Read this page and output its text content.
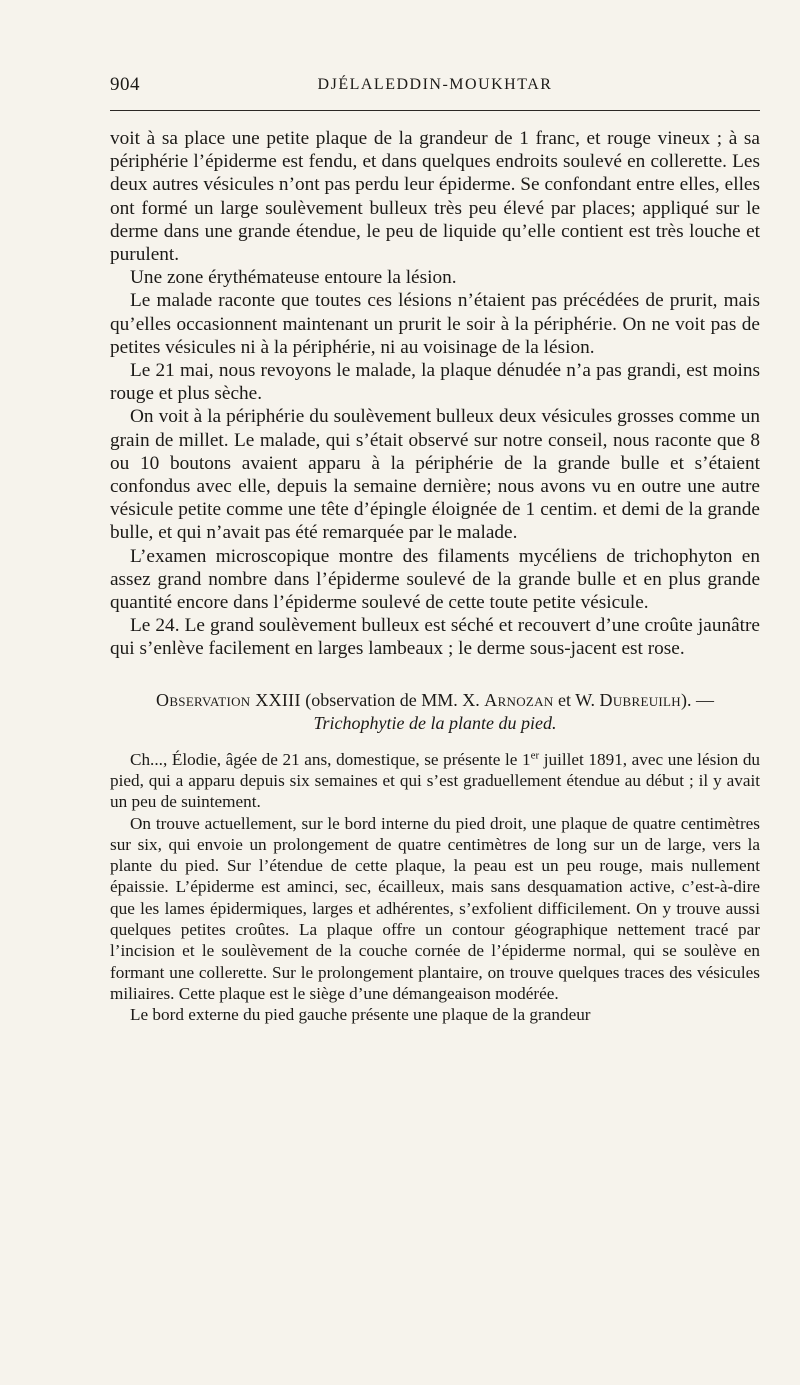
904	DJÉLALEDDIN-MOUKHTAR

voit à sa place une petite plaque de la grandeur de 1 franc, et rouge vineux ; à sa périphérie l’épiderme est fendu, et dans quelques endroits soulevé en collerette. Les deux autres vésicules n’ont pas perdu leur épiderme. Se confondant entre elles, elles ont formé un large soulèvement bulleux très peu élevé par places; appliqué sur le derme dans une grande étendue, le peu de liquide qu’elle contient est très louche et purulent.

Une zone érythémateuse entoure la lésion.

Le malade raconte que toutes ces lésions n’étaient pas précédées de prurit, mais qu’elles occasionnent maintenant un prurit le soir à la périphérie. On ne voit pas de petites vésicules ni à la périphérie, ni au voisinage de la lésion.

Le 21 mai, nous revoyons le malade, la plaque dénudée n’a pas grandi, est moins rouge et plus sèche.

On voit à la périphérie du soulèvement bulleux deux vésicules grosses comme un grain de millet. Le malade, qui s’était observé sur notre conseil, nous raconte que 8 ou 10 boutons avaient apparu à la périphérie de la grande bulle et s’étaient confondus avec elle, depuis la semaine dernière; nous avons vu en outre une autre vésicule petite comme une tête d’épingle éloignée de 1 centim. et demi de la grande bulle, et qui n’avait pas été remarquée par le malade.

L’examen microscopique montre des filaments mycéliens de trichophyton en assez grand nombre dans l’épiderme soulevé de la grande bulle et en plus grande quantité encore dans l’épiderme soulevé de cette toute petite vésicule.

Le 24. Le grand soulèvement bulleux est séché et recouvert d’une croûte jaunâtre qui s’enlève facilement en larges lambeaux ; le derme sous-jacent est rose.

Observation XXIII (observation de MM. X. Arnozan et W. Dubreuilh). —

Trichophytie de la plante du pied.

Ch..., Élodie, âgée de 21 ans, domestique, se présente le 1er juillet 1891, avec une lésion du pied, qui a apparu depuis six semaines et qui s’est graduellement étendue au début ; il y avait un peu de suintement.

On trouve actuellement, sur le bord interne du pied droit, une plaque de quatre centimètres sur six, qui envoie un prolongement de quatre centimètres de long sur un de large, vers la plante du pied. Sur l’étendue de cette plaque, la peau est un peu rouge, mais nullement épaissie. L’épiderme est aminci, sec, écailleux, mais sans desquamation active, c’est-à-dire que les lames épidermiques, larges et adhérentes, s’exfolient difficilement. On y trouve aussi quelques petites croûtes. La plaque offre un contour géographique nettement tracé par l’incision et le soulèvement de la couche cornée de l’épiderme normal, qui se soulève en formant une collerette. Sur le prolongement plantaire, on trouve quelques traces des vésicules miliaires. Cette plaque est le siège d’une démangeaison modérée.

Le bord externe du pied gauche présente une plaque de la grandeur
